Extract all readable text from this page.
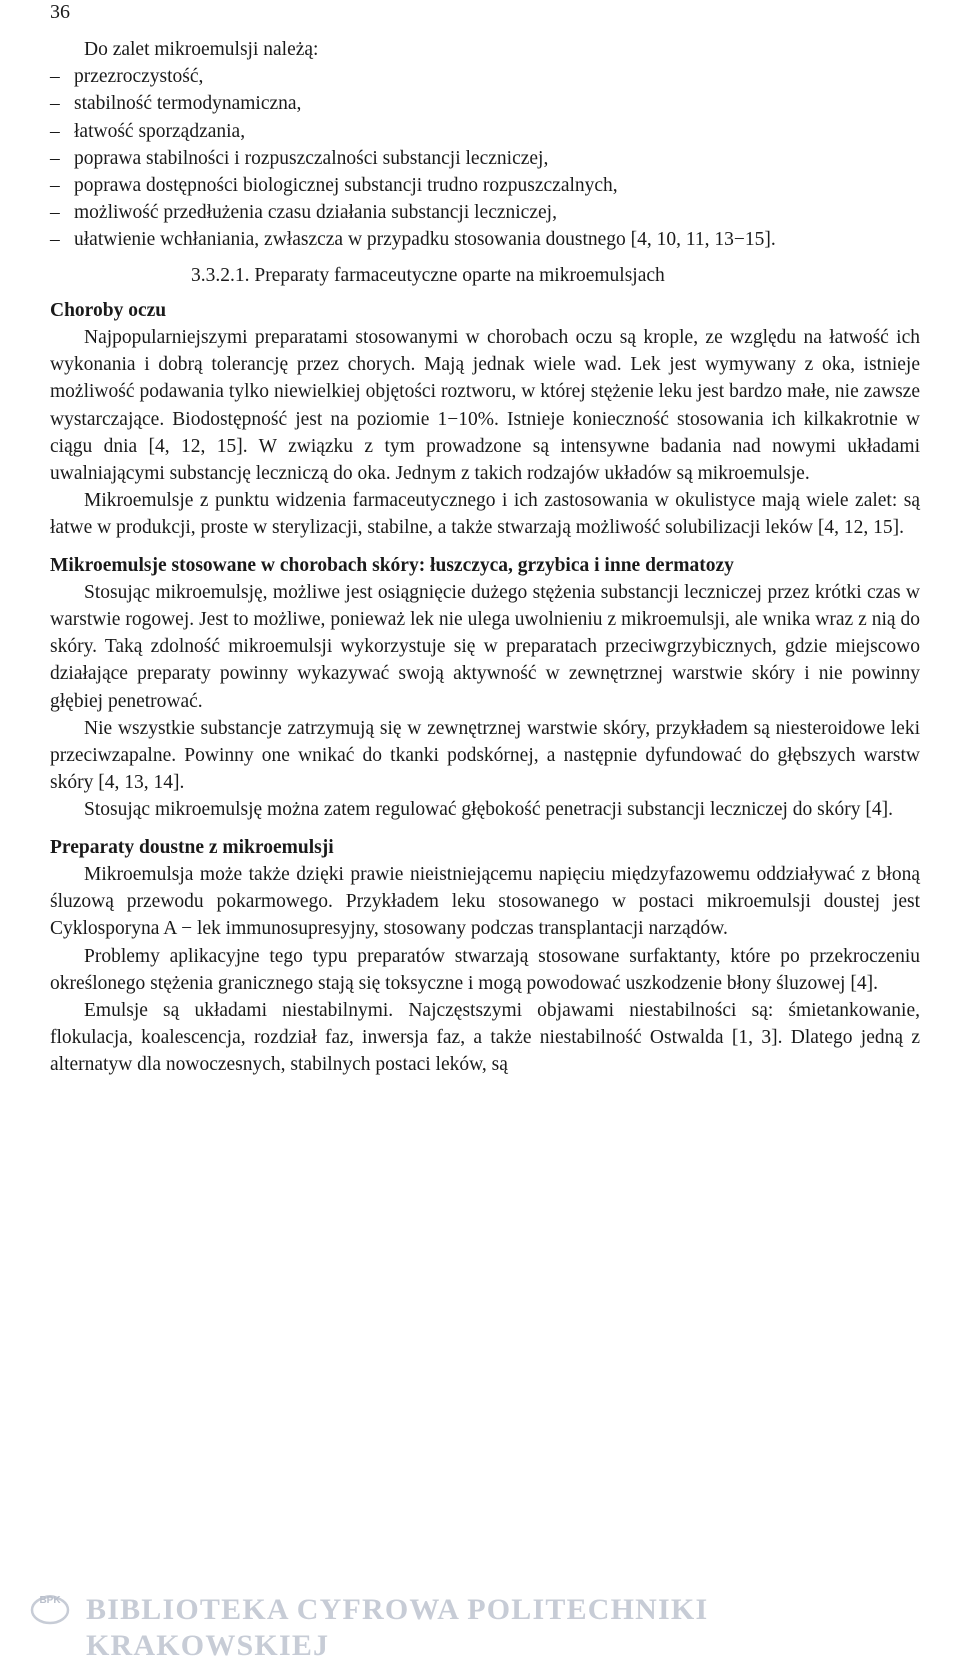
36

Do zalet mikroemulsji należą:

– przezroczystość,
– stabilność termodynamiczna,
– łatwość sporządzania,
– poprawa stabilności i rozpuszczalności substancji leczniczej,
– poprawa dostępności biologicznej substancji trudno rozpuszczalnych,
– możliwość przedłużenia czasu działania substancji leczniczej,
– ułatwienie wchłaniania, zwłaszcza w przypadku stosowania doustnego [4, 10, 11, 13−15].
3.3.2.1. Preparaty farmaceutyczne oparte na mikroemulsjach
Choroby oczu

Najpopularniejszymi preparatami stosowanymi w chorobach oczu są krople, ze względu na łatwość ich wykonania i dobrą tolerancję przez chorych. Mają jednak wiele wad. Lek jest wymywany z oka, istnieje możliwość podawania tylko niewielkiej objętości roztworu, w której stężenie leku jest bardzo małe, nie zawsze wystarczające. Biodostępność jest na poziomie 1−10%. Istnieje konieczność stosowania ich kilkakrotnie w ciągu dnia [4, 12, 15]. W związku z tym prowadzone są intensywne badania nad nowymi układami uwalniającymi substancję leczniczą do oka. Jednym z takich rodzajów układów są mikroemulsje.

Mikroemulsje z punktu widzenia farmaceutycznego i ich zastosowania w okulistyce mają wiele zalet: są łatwe w produkcji, proste w sterylizacji, stabilne, a także stwarzają możliwość solubilizacji leków [4, 12, 15].

Mikroemulsje stosowane w chorobach skóry: łuszczyca, grzybica i inne dermatozy

Stosując mikroemulsję, możliwe jest osiągnięcie dużego stężenia substancji leczniczej przez krótki czas w warstwie rogowej. Jest to możliwe, ponieważ lek nie ulega uwolnieniu z mikroemulsji, ale wnika wraz z nią do skóry. Taką zdolność mikroemulsji wykorzystuje się w preparatach przeciwgrzybicznych, gdzie miejscowo działające preparaty powinny wykazywać swoją aktywność w zewnętrznej warstwie skóry i nie powinny głębiej penetrować.

Nie wszystkie substancje zatrzymują się w zewnętrznej warstwie skóry, przykładem są niesteroidowe leki przeciwzapalne. Powinny one wnikać do tkanki podskórnej, a następnie dyfundować do głębszych warstw skóry [4, 13, 14].

Stosując mikroemulsję można zatem regulować głębokość penetracji substancji leczniczej do skóry [4].

Preparaty doustne z mikroemulsji

Mikroemulsja może także dzięki prawie nieistniejącemu napięciu międzyfazowemu oddziaływać z błoną śluzową przewodu pokarmowego. Przykładem leku stosowanego w postaci mikroemulsji doustej jest Cyklosporyna A − lek immunosupresyjny, stosowany podczas transplantacji narządów.

Problemy aplikacyjne tego typu preparatów stwarzają stosowane surfaktanty, które po przekroczeniu określonego stężenia granicznego stają się toksyczne i mogą powodować uszkodzenie błony śluzowej [4].

Emulsje są układami niestabilnymi. Najczęstszymi objawami niestabilności są: śmietankowanie, flokulacja, koalescencja, rozdział faz, inwersja faz, a także niestabilność Ostwalda [1, 3]. Dlatego jedną z alternatyw dla nowoczesnych, stabilnych postaci leków, są

BPK BIBLIOTEKA CYFROWA POLITECHNIKI KRAKOWSKIEJ
